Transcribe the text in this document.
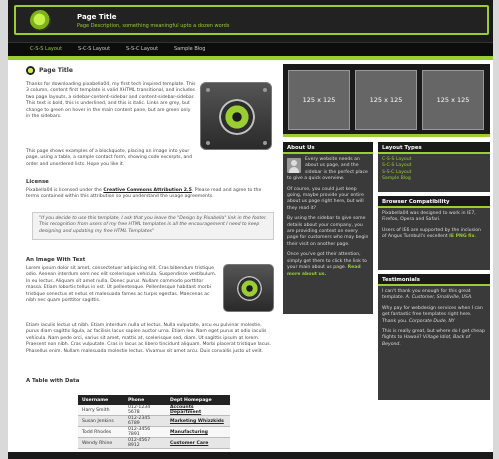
Page Title
Page Description, something meaningful upto a dozen words
C-S-S Layout	S-C-S Layout	S-S-C Layout	Sample Blog
Page Title
Thanks for downloading pixabella04, my first tech inspired template. This 3 column, content first template is valid XHTML transitional, and includes two page layouts, a sidebar-content-sidebar and content-sidebar-sidebar. This text is bold, this is underlined, and this is italic. Links are grey, but change to green on hover in the main content pane, but are green only in the sidebars.
This page shows examples of a blockquote, placing an image into your page, using a table, a sample contact form, showing code excerpts, and order and unordered lists. Hope you like it.
License
Pixabella04 is licensed under the Creative Commons Attribution 2.5. Please read and agree to the terms contained within this attribution so you understand the usage agreements.
"If you decide to use this template, I ask that you leave the "Design by Pixabella" link in the footer. This recognition from users of my free HTML templates is all the encouragement I need to keep designing and updating my free HTML Templates"
An Image With Text
Lorem ipsum dolor sit amet, consectetuer adipiscing elit. Cras bibendum tristique odio. Aenean interdum sem nec elit scelerisque vehicula. Suspendisse vestibulum. In eu lectus. Aliquam sit amet nulla. Donec purus. Nullam commodo porttitor massa. Etiam lobortis tellus in est. Ut pellentesque. Pellentesque habitant morbi tristique senectus et netus et malesuada fames ac turpis egestas. Maecenas ac nibh nec quam porttitor sagittis.
Etiam iaculis lectus ut nibh. Etiam interdum nulla ut lectus. Nulla vulputate, arcu eu pulvinar molestie, purus diam sagittis ligula, ac facilisis lacus sapien auctor urna. Etiam leo. Nam eget purus at odio iaculis vehicula. Nam pede orci, varius sit amet, mattis at, scelerisque sed, diam. Ut sagittis ipsum at lorem. Praesent non nibh. Cras vulputate. Cras in lacus ac libero tincidunt aliquam. Morbi placerat tristique lacus. Phasellus enim. Nullam malesuada molestie lectus. Vivamus sit amet arcu. Duis convallis justo ut velit.
A Table with Data
Username	Phone	Dept Homepage
Harry Smith	012-1234 5678	Accounts Department
Susan Jenkins	012-2345 6789	Marketing Whizzkids
Todd Rhodes	012-3456 7891	Manufacturing
Wendy Rhine	012-4567 8912	Customer Care
125 x 125	125 x 125	125 x 125
About Us

Every website needs an about us page, and the sidebar is the perfect place to give a quick overview.

Of course, you could just keep going, maybe provide your entire about us page right here, but will they read it?

By using the sidebar to give some details about your company, you are providing context on every page for customers who may begin their visit on another page.

Once you've got their attention, simply get them to click the link to your main about us page. Read more about us.

Layout Types
C-S-S Layout
S-C-S Layout
S-S-C Layout
Sample Blog
Browser Compatibility

Pixabella04 was designed to work in IE7, Firefox, Opera and Safari.

Users of IE6 are supported by the inclusion of Angus Turnbull's excellent IE PNG fix.

Testimonials

I can't thank you enough for this great template. A. Customer, Smallville, USA.

Why pay for webdesign services when I can get fantastic free templates right here. Thank you. Corporate Dude, NY

This is really great, but where do I get cheap flights to Hawaii? Village Idiot, Back of Beyond.
